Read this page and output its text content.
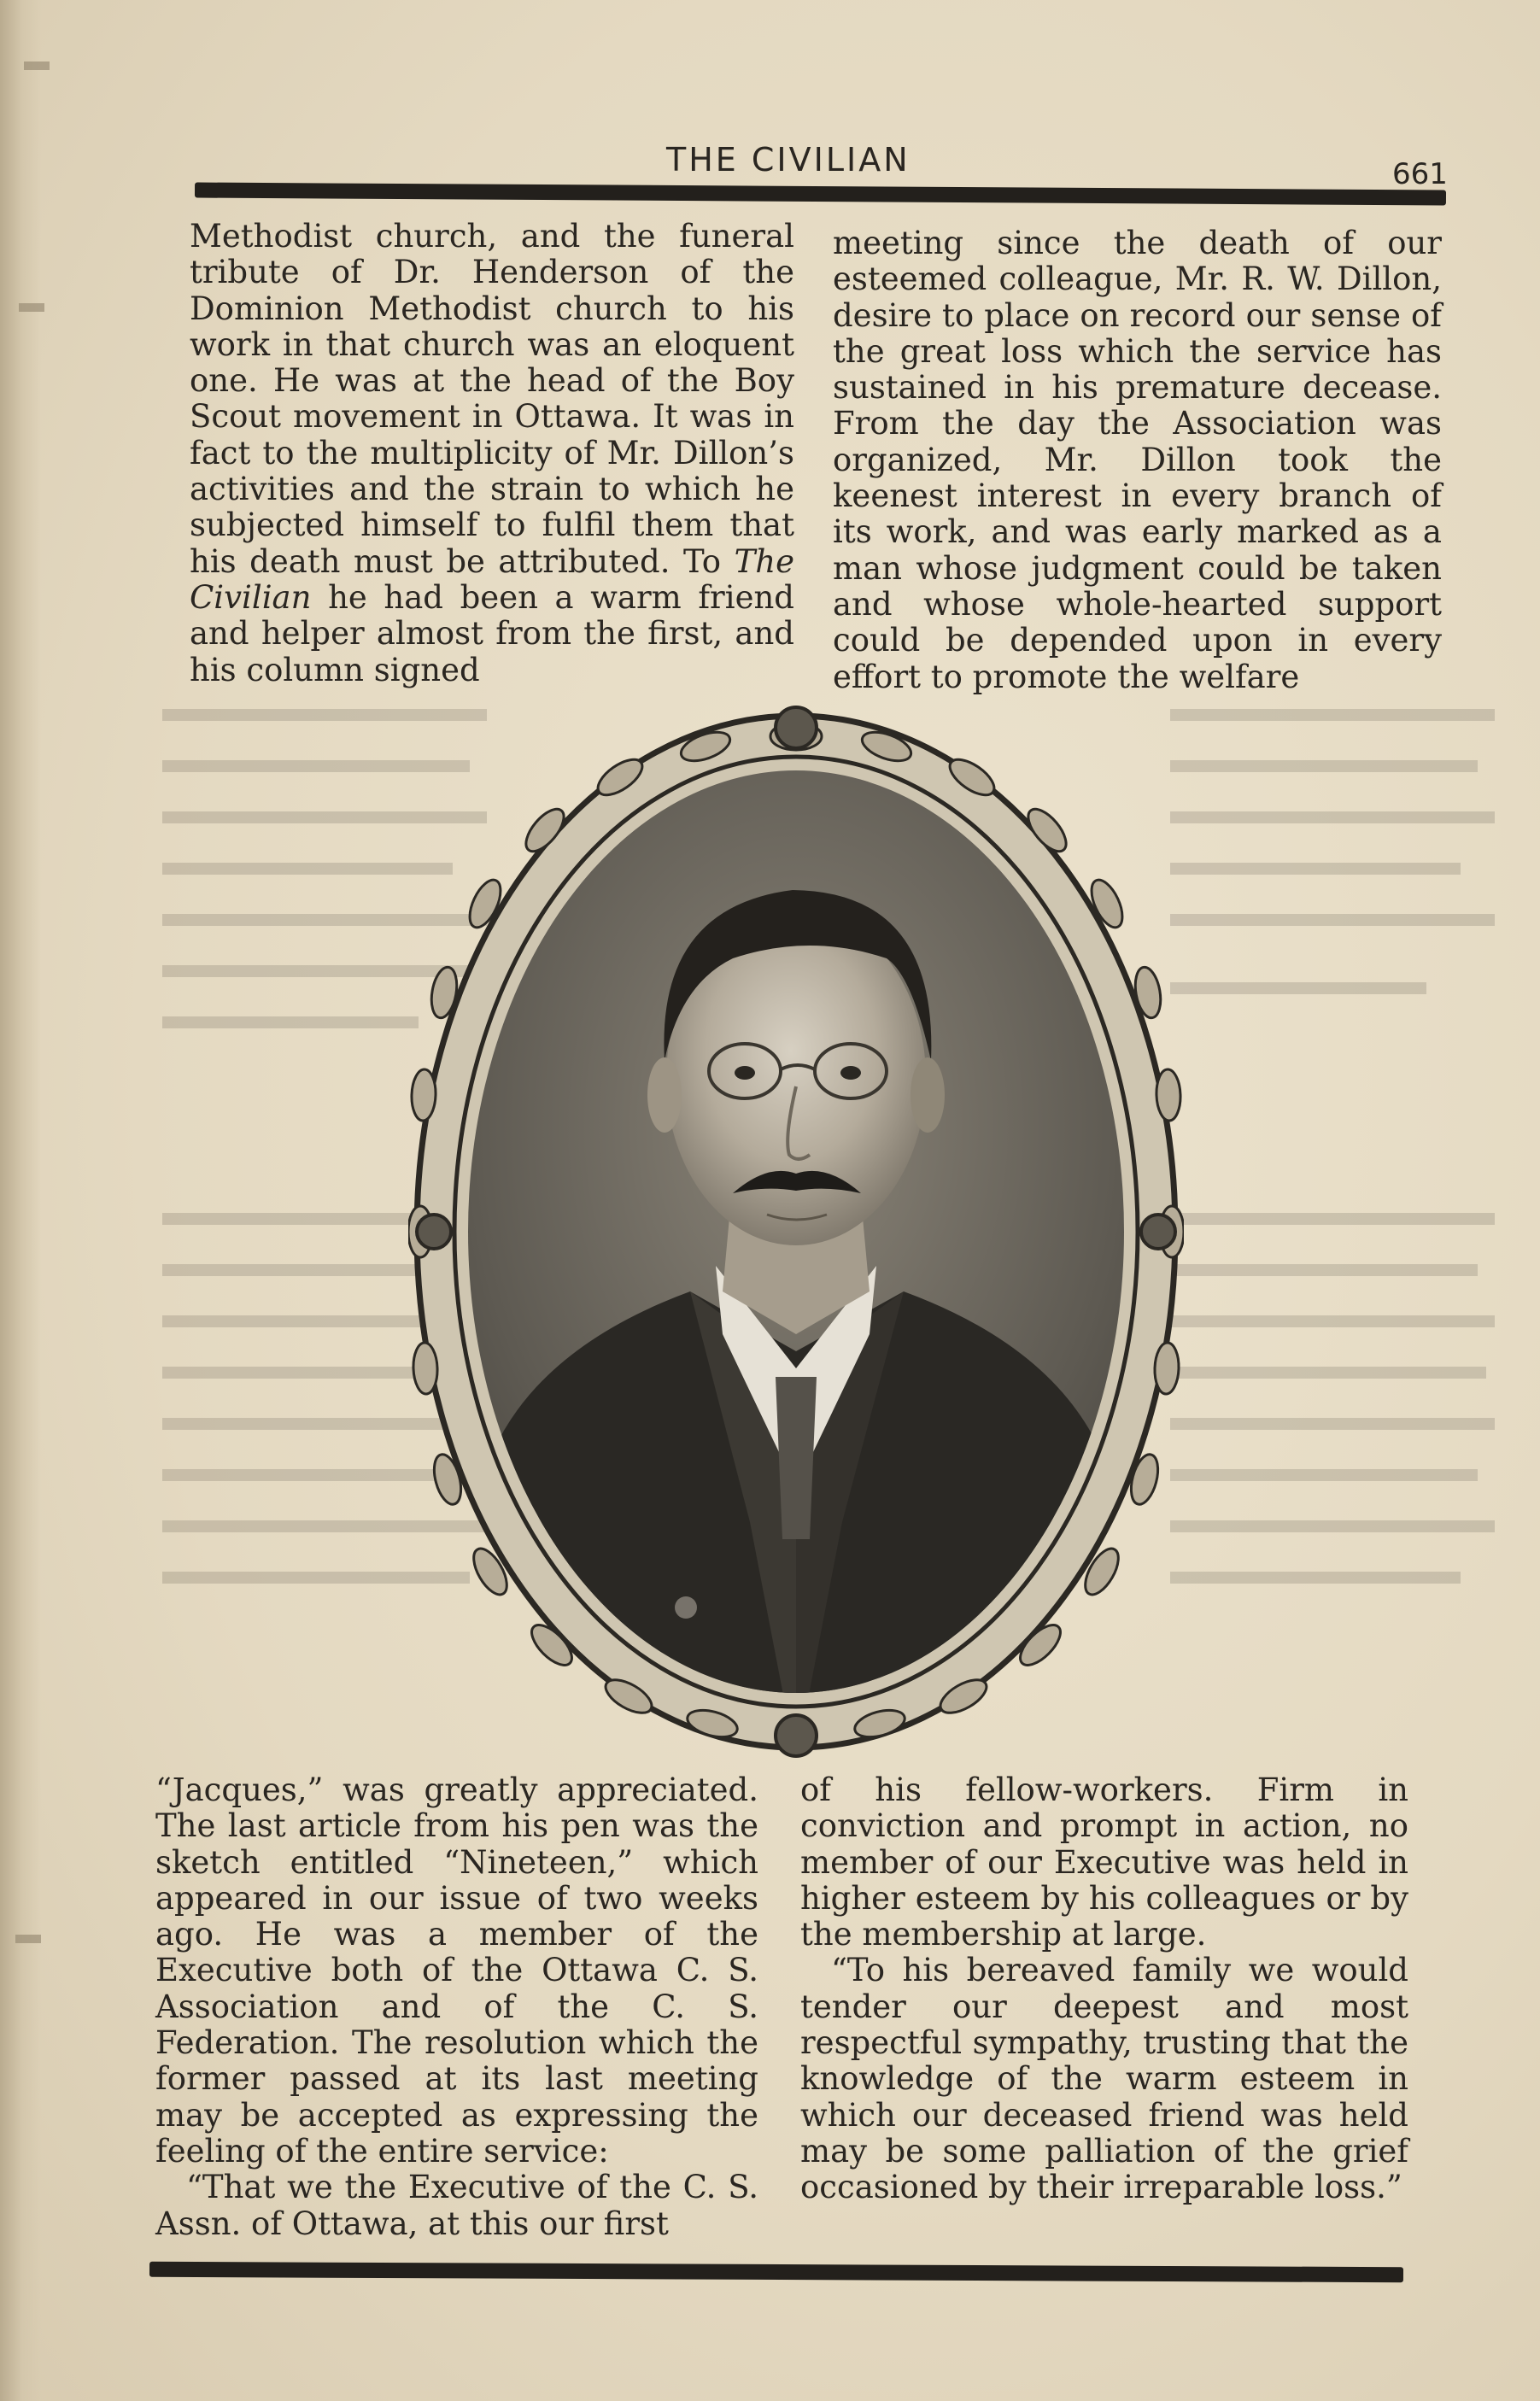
THE CIVILIAN	661

Methodist church, and the funeral tribute of Dr. Henderson of the Dominion Methodist church to his work in that church was an eloquent one. He was at the head of the Boy Scout movement in Ottawa. It was in fact to the multiplicity of Mr. Dillon’s activities and the strain to which he subjected himself to fulfil them that his death must be attributed. To The Civilian he had been a warm friend and helper almost from the first, and his column signed

meeting since the death of our esteemed colleague, Mr. R. W. Dillon, desire to place on record our sense of the great loss which the service has sustained in his premature decease. From the day the Association was organized, Mr. Dillon took the keenest interest in every branch of its work, and was early marked as a man whose judgment could be taken and whose whole-hearted support could be depended upon in every effort to promote the welfare

“Jacques,” was greatly appreciated. The last article from his pen was the sketch entitled “Nineteen,” which appeared in our issue of two weeks ago. He was a member of the Executive both of the Ottawa C. S. Association and of the C. S. Federation. The resolution which the former passed at its last meeting may be accepted as expressing the feeling of the entire service:

“That we the Executive of the C. S. Assn. of Ottawa, at this our first

of his fellow-workers. Firm in conviction and prompt in action, no member of our Executive was held in higher esteem by his colleagues or by the membership at large.

“To his bereaved family we would tender our deepest and most respectful sympathy, trusting that the knowledge of the warm esteem in which our deceased friend was held may be some palliation of the grief occasioned by their irreparable loss.”
